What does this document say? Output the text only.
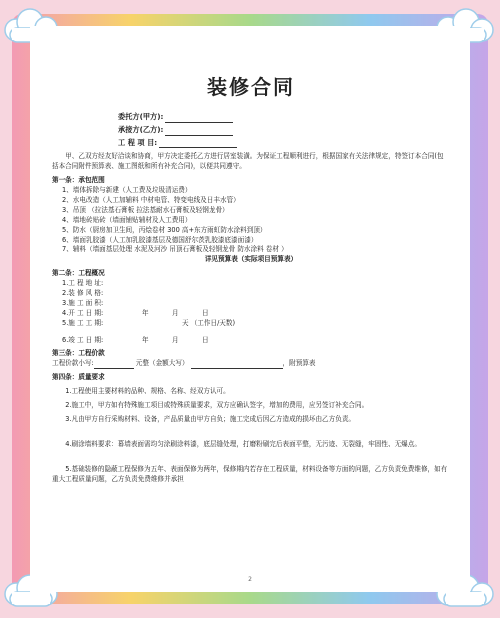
装修合同
委托方(甲方):
承接方(乙方):
工 程 项 目:
甲、乙双方经友好洽谈和协商，甲方决定委托乙方进行居室装潢。为保证工程顺利进行，根据国家有关法律规定，特签订本合同(包括本合同附件预算表、施工图纸和所有补充合同)，以便共同遵守。
第一条：承包范围
1、墙体拆除与新建（人工费及垃圾清运费）
2、水电改造（人工加辅料 中材电管、特变电线及日丰水管）
3、吊顶 （拉法基石膏板 拉法基耐水石膏板及轻钢龙骨）
4、墙地砖贴砖（墙面铺贴辅材及人工费用）
5、防水（厨房加卫生间，丙烩卷材 300 高+东方雨虹防水涂料到顶）
6、墙面乳胶漆（人工加乳胶漆基层及德国舒尔茨乳胶漆底漆面漆）
7、辅料（墙面基层处理 水泥及河沙 吊顶石膏板及轻钢龙骨 防水涂料 卷材 ）
详见预算表（实际项目预算表）
第二条：工程概况
1.工 程 地 址:
2.装 修 风 格:
3.施 工 面 积:
4.开 工 日 期:	年	月	日
5.施 工 工 期:	天 （工作日/天数)
6.竣 工 日 期:	年	月	日
第三条：工程价款
工程价款小写:	元整（金额大写）	，附预算表
第四条：质量要求
1.工程使用主要材料的品种、规格、名称、经双方认可。
2.施工中，甲方如有特殊施工项目或特殊质量要求，双方应确认签字，增加的费用，应另签订补充合同。
3.凡由甲方自行采购材料、设备，产品质量由甲方自负；施工完成后因乙方造成的损坏由乙方负责。
4.刷涂墙料要求：幕墙表面需均匀涂刷涂料漆，底层缝处理，打磨粉刷完后表面平整，无污迹、无裂缝，牢固性、无爆点。
5.基础装修的隐蔽工程保修为五年、表面保修为两年，保修期内若存在工程质量，材料设备等方面的问题，乙方负责免费维修，如有重大工程质量问题，乙方负责免费维修并承担
2
